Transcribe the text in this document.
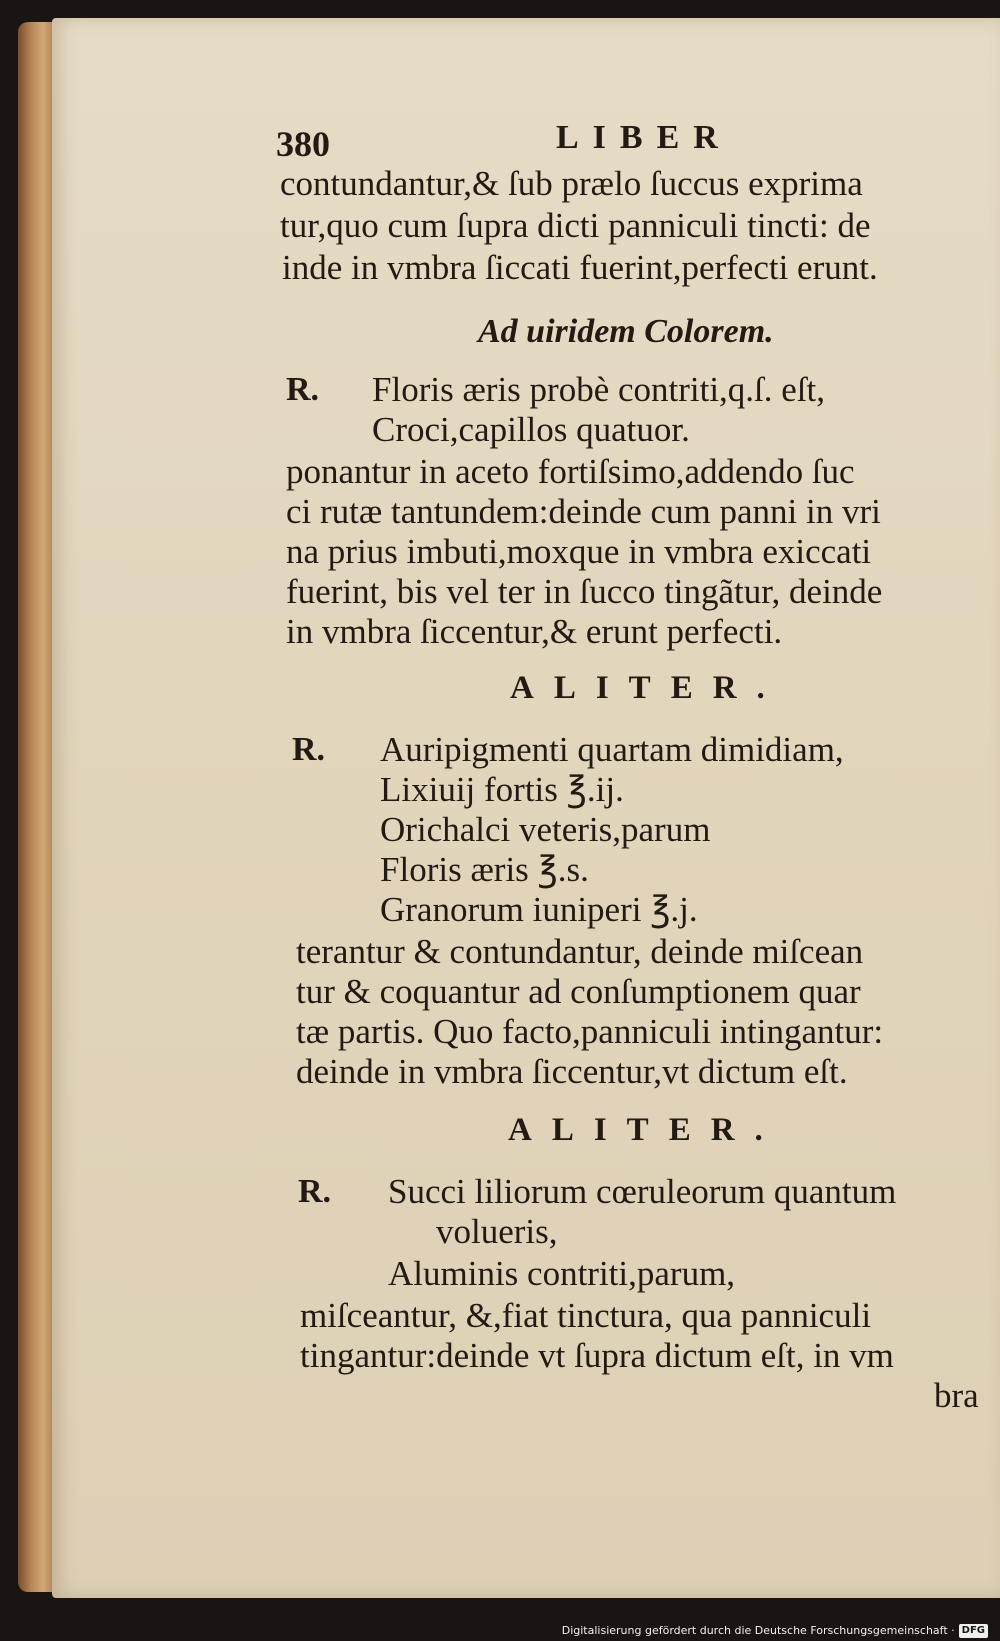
380	LIBER
contundantur,& ſub prælo ſuccus exprima
tur,quo cum ſupra dicti panniculi tincti: de
inde in vmbra ſiccati fuerint,perfecti erunt.
Ad uiridem Colorem.
R. Floris æris probè contriti,q.ſ. eſt,
Croci,capillos quatuor.
ponantur in aceto fortiſsimo,addendo ſuc
ci rutæ tantundem:deinde cum panni in vri
na prius imbuti,moxque in vmbra exiccati
fuerint, bis vel ter in ſucco tingãtur, deinde
in vmbra ſiccentur,& erunt perfecti.
ALITER.
R. Auripigmenti quartam dimidiam,
Lixiuij fortis ℥.ij.
Orichalci veteris,parum
Floris æris ℥.s.
Granorum iuniperi ℥.j.
terantur & contundantur, deinde miſcean
tur & coquantur ad conſumptionem quar
tæ partis. Quo facto,panniculi intingantur:
deinde in vmbra ſiccentur,vt dictum eſt.
ALITER.
R. Succi liliorum cœruleorum quantum
volueris,
Aluminis contriti,parum,
miſceantur, &,fiat tinctura, qua panniculi
tingantur:deinde vt ſupra dictum eſt, in vm
bra
Digitalisierung gefördert durch die Deutsche Forschungsgemeinschaft · DFG
